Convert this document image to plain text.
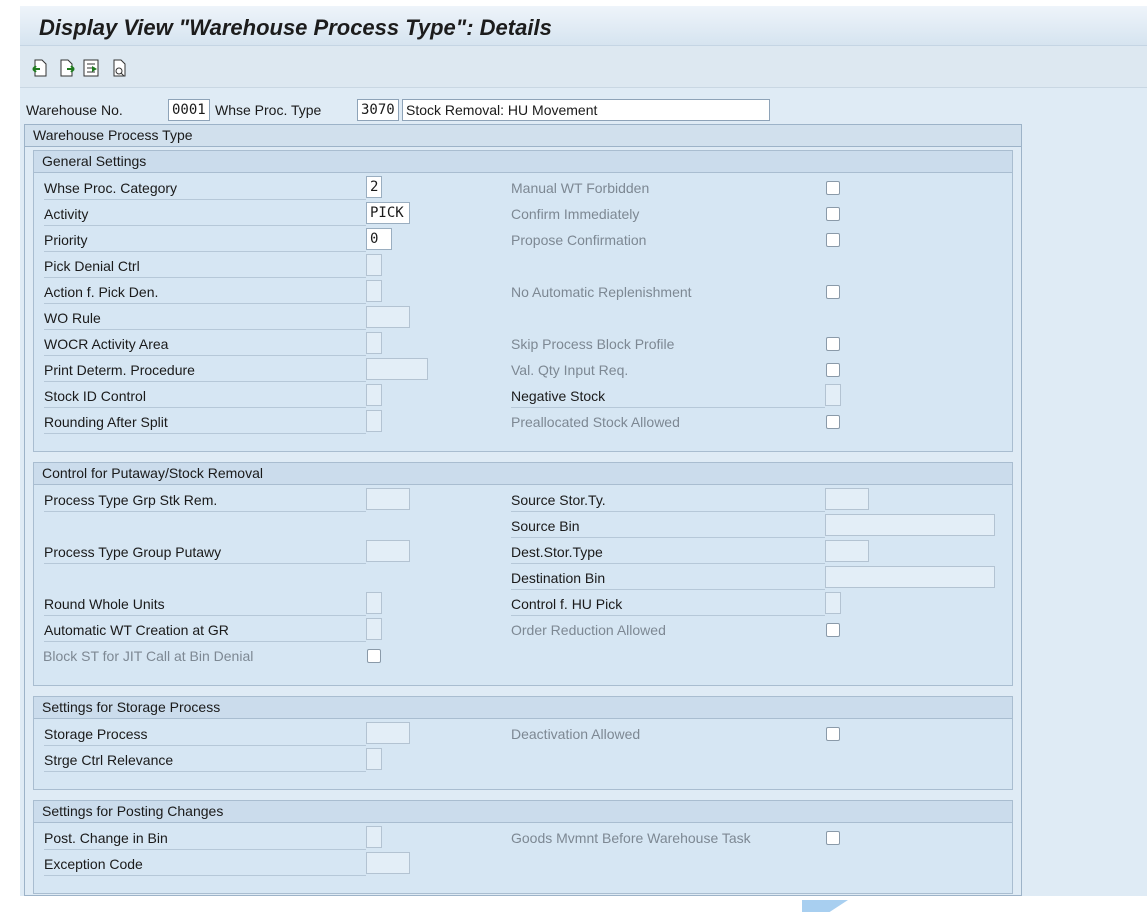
Display View "Warehouse Process Type": Details
Warehouse No.	0001 Whse Proc. Type	3070 Stock Removal: HU Movement
Warehouse Process Type
General Settings
Whse Proc. Category
Activity
Priority
Pick Denial Ctrl
Action f. Pick Den.
WO Rule
WOCR Activity Area
Print Determ. Procedure
Stock ID Control
Rounding After Split
2
PICK
0
Manual WT Forbidden
Confirm Immediately
Propose Confirmation
No Automatic Replenishment
Skip Process Block Profile
Val. Qty Input Req.
Negative Stock
Preallocated Stock Allowed
Control for Putaway/Stock Removal
Process Type Grp Stk Rem.
Process Type Group Putawy
Round Whole Units
Automatic WT Creation at GR
Block ST for JIT Call at Bin Denial
Source Stor.Ty.
Source Bin
Dest.Stor.Type
Destination Bin
Control f. HU Pick
Order Reduction Allowed
Settings for Storage Process
Storage Process
Strge Ctrl Relevance
Deactivation Allowed
Settings for Posting Changes
Post. Change in Bin
Exception Code
Goods Mvmnt Before Warehouse Task
